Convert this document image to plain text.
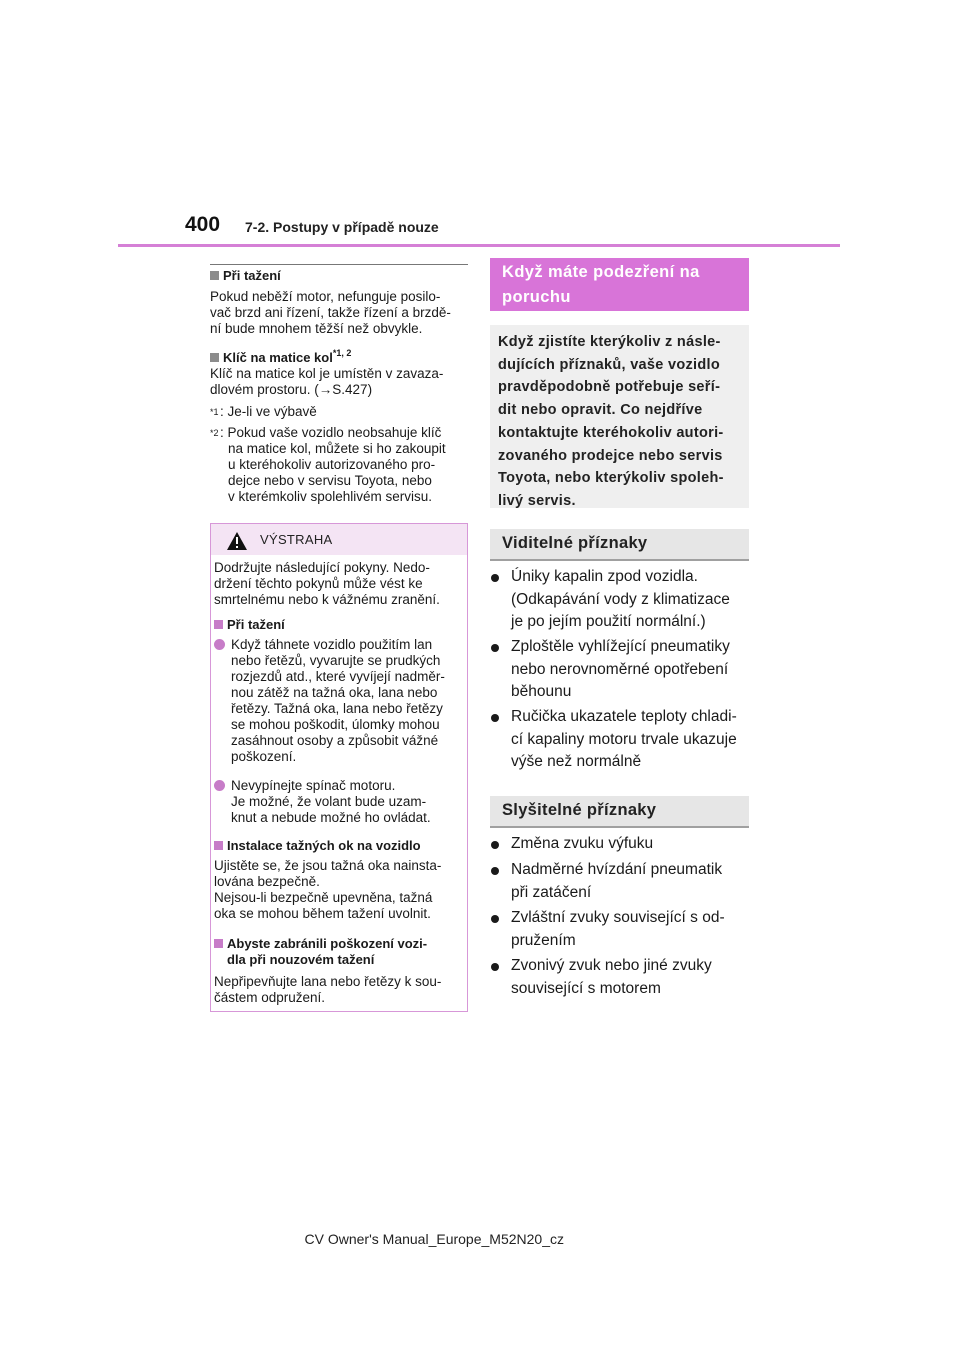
400 7-2. Postupy v případě nouze
Při tažení
Pokud neběží motor, nefunguje posilo-
vač brzd ani řízení, takže řízení a brzdě-
ní bude mnohem těžší než obvykle.
Klíč na matice kol$^{*1, 2}$
Klíč na matice kol je umístěn v zavaza-
dlovém prostoru. (→S.427)
$^{*1}$ : Je-li ve výbavě
$^{*2}$ : Pokud vaše vozidlo neobsahuje klíč
na matice kol, můžete si ho zakoupit
u kteréhokoliv autorizovaného pro-
dejce nebo v servisu Toyota, nebo
v kterémkoliv spolehlivém servisu.
VÝSTRAHA
Dodržujte následující pokyny. Nedo-
držení těchto pokynů může vést ke
smrtelnému nebo k vážnému zranění.
Při tažení
Když táhnete vozidlo použitím lan
nebo řetězů, vyvarujte se prudkých
rozjezdů atd., které vyvíjejí nadměr-
nou zátěž na tažná oka, lana nebo
řetězy. Tažná oka, lana nebo řetězy
se mohou poškodit, úlomky mohou
zasáhnout osoby a způsobit vážné
poškození.
Nevypínejte spínač motoru.
Je možné, že volant bude uzam-
knut a nebude možné ho ovládat.
Instalace tažných ok na vozidlo
Ujistěte se, že jsou tažná oka nainsta-
lována bezpečně.
Nejsou-li bezpečně upevněna, tažná
oka se mohou během tažení uvolnit.
Abyste zabránili poškození vozi-
dla při nouzovém tažení
Nepřipevňujte lana nebo řetězy k sou-
částem odpružení.
Když máte podezření na poruchu
Když zjistíte kterýkoliv z násle-
dujících příznaků, vaše vozidlo
pravděpodobně potřebuje seří-
dit nebo opravit. Co nejdříve
kontaktujte kteréhokoliv autori-
zovaného prodejce nebo servis
Toyota, nebo kterýkoliv spoleh-
livý servis.
Viditelné příznaky
Úniky kapalin zpod vozidla.
(Odkapávání vody z klimatizace
je po jejím použití normální.)
Zploštěle vyhlížející pneumatiky
nebo nerovnoměrné opotřebení
běhounu
Ručička ukazatele teploty chladi-
cí kapaliny motoru trvale ukazuje
výše než normálně
Slyšitelné příznaky
Změna zvuku výfuku
Nadměrné hvízdání pneumatik
při zatáčení
Zvláštní zvuky související s od-
pružením
Zvonivý zvuk nebo jiné zvuky
související s motorem
CV Owner's Manual_Europe_M52N20_cz
